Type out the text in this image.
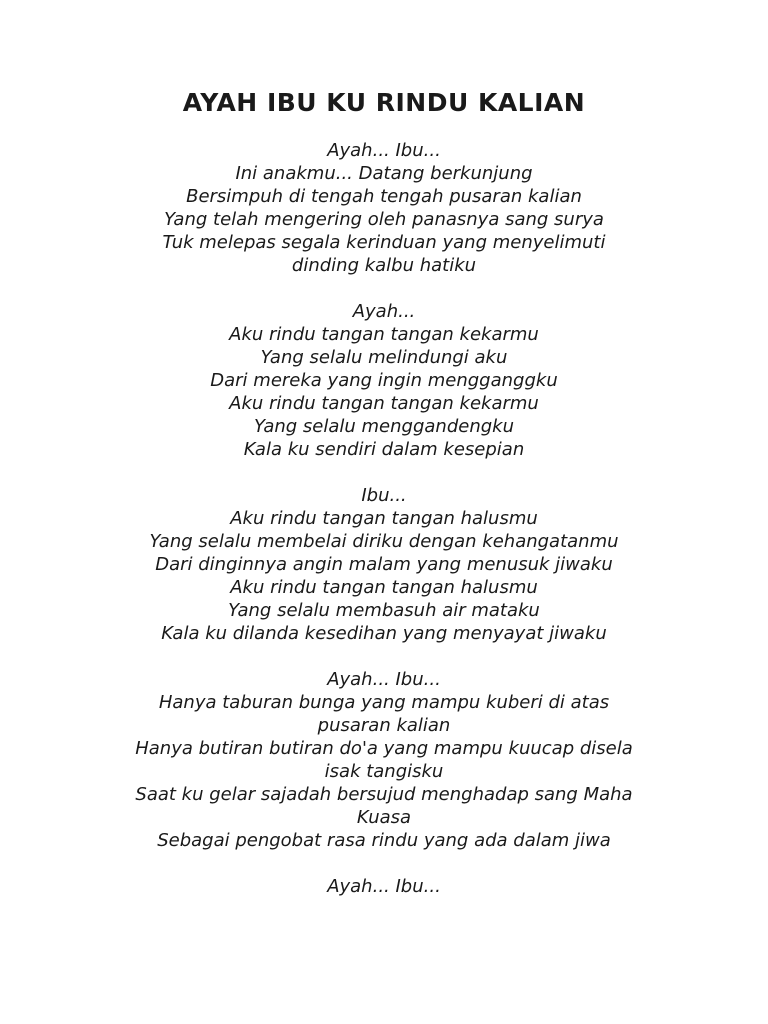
AYAH IBU KU RINDU KALIAN
Ayah... Ibu...
Ini anakmu... Datang berkunjung
Bersimpuh di tengah tengah pusaran kalian
Yang telah mengering oleh panasnya sang surya
Tuk melepas segala kerinduan yang menyelimuti
dinding kalbu hatiku
Ayah...
Aku rindu tangan tangan kekarmu
Yang selalu melindungi aku
Dari mereka yang ingin mengganggku
Aku rindu tangan tangan kekarmu
Yang selalu menggandengku
Kala ku sendiri dalam kesepian
Ibu...
Aku rindu tangan tangan halusmu
Yang selalu membelai diriku dengan kehangatanmu
Dari dinginnya angin malam yang menusuk jiwaku
Aku rindu tangan tangan halusmu
Yang selalu membasuh air mataku
Kala ku dilanda kesedihan yang menyayat jiwaku
Ayah... Ibu...
Hanya taburan bunga yang mampu kuberi di atas
pusaran kalian
Hanya butiran butiran do'a yang mampu kuucap disela
isak tangisku
Saat ku gelar sajadah bersujud menghadap sang Maha
Kuasa
Sebagai pengobat rasa rindu yang ada dalam jiwa
Ayah... Ibu...
